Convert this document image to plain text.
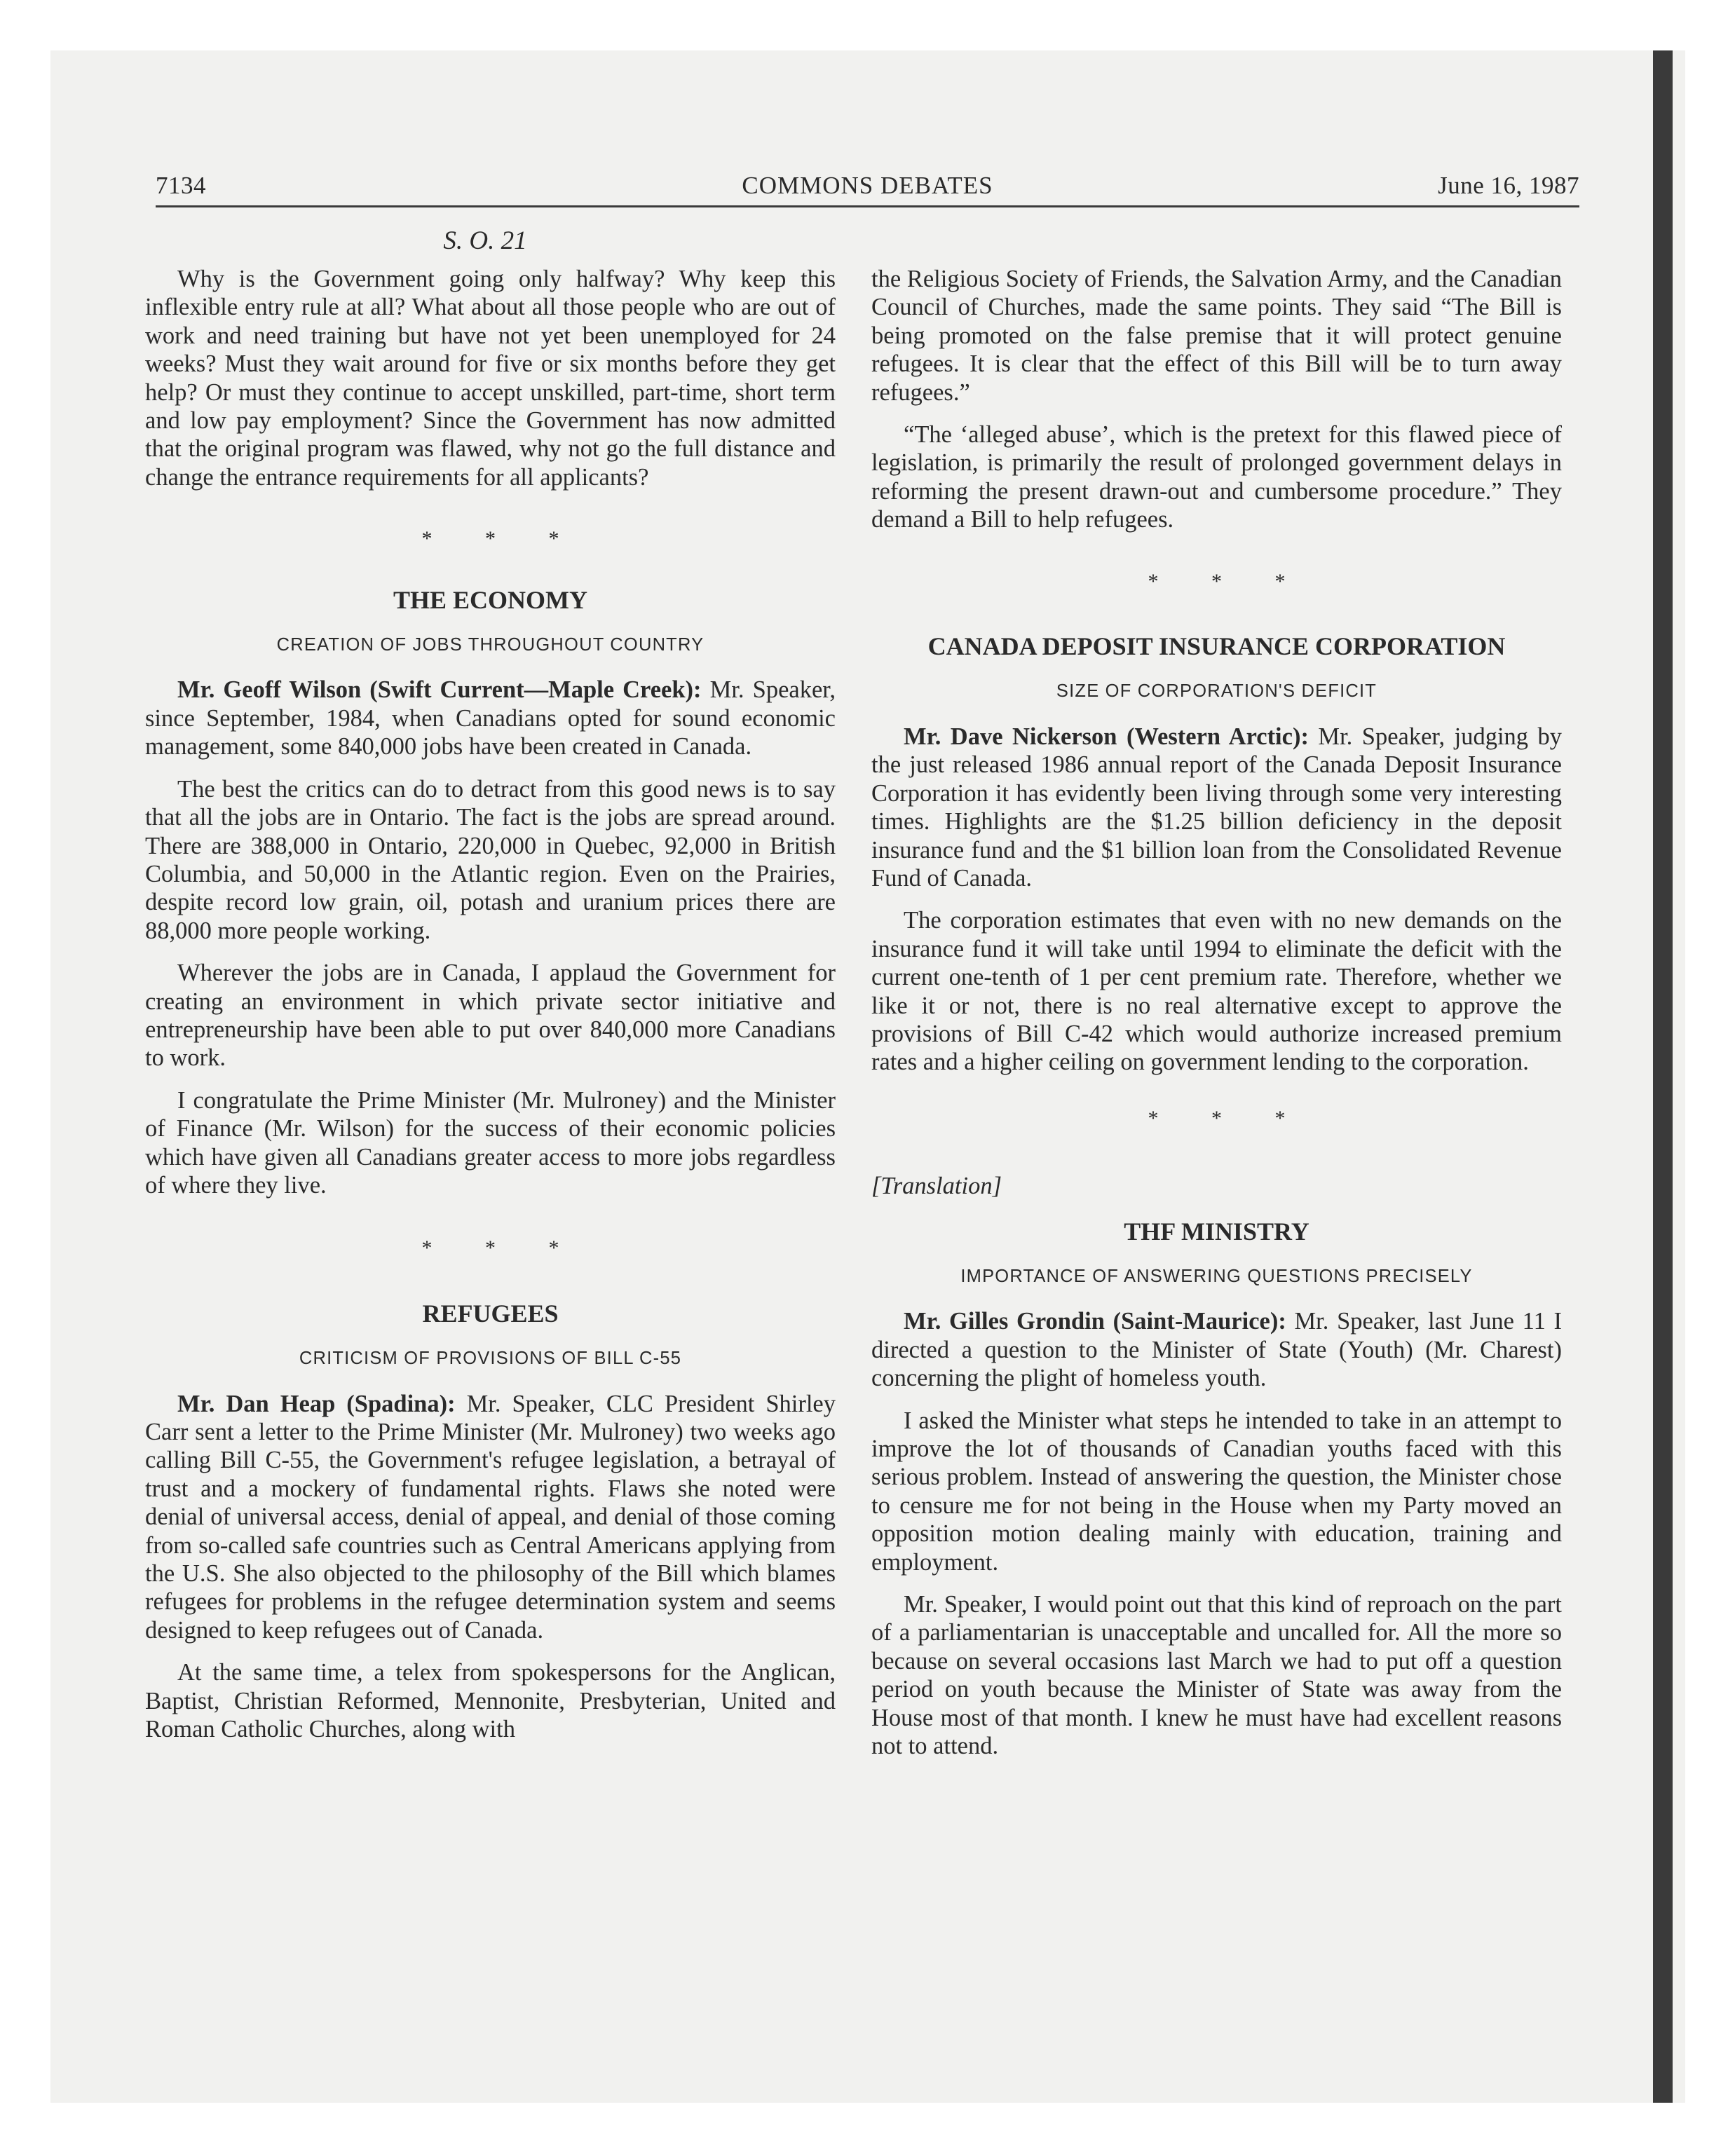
7134	COMMONS DEBATES	June 16, 1987
S. O. 21

Why is the Government going only halfway? Why keep this inflexible entry rule at all? What about all those people who are out of work and need training but have not yet been unemployed for 24 weeks? Must they wait around for five or six months before they get help? Or must they continue to accept unskilled, part-time, short term and low pay employment? Since the Government has now admitted that the original program was flawed, why not go the full distance and change the entrance requirements for all applicants?

* * *
THE ECONOMY
CREATION OF JOBS THROUGHOUT COUNTRY

Mr. Geoff Wilson (Swift Current—Maple Creek): Mr. Speaker, since September, 1984, when Canadians opted for sound economic management, some 840,000 jobs have been created in Canada.

The best the critics can do to detract from this good news is to say that all the jobs are in Ontario. The fact is the jobs are spread around. There are 388,000 in Ontario, 220,000 in Quebec, 92,000 in British Columbia, and 50,000 in the Atlantic region. Even on the Prairies, despite record low grain, oil, potash and uranium prices there are 88,000 more people working.

Wherever the jobs are in Canada, I applaud the Government for creating an environment in which private sector initiative and entrepreneurship have been able to put over 840,000 more Canadians to work.

I congratulate the Prime Minister (Mr. Mulroney) and the Minister of Finance (Mr. Wilson) for the success of their economic policies which have given all Canadians greater access to more jobs regardless of where they live.

* * *
REFUGEES
CRITICISM OF PROVISIONS OF BILL C-55

Mr. Dan Heap (Spadina): Mr. Speaker, CLC President Shirley Carr sent a letter to the Prime Minister (Mr. Mulroney) two weeks ago calling Bill C-55, the Government's refugee legislation, a betrayal of trust and a mockery of fundamental rights. Flaws she noted were denial of universal access, denial of appeal, and denial of those coming from so-called safe countries such as Central Americans applying from the U.S. She also objected to the philosophy of the Bill which blames refugees for problems in the refugee determination system and seems designed to keep refugees out of Canada.

At the same time, a telex from spokespersons for the Anglican, Baptist, Christian Reformed, Mennonite, Presbyterian, United and Roman Catholic Churches, along with

the Religious Society of Friends, the Salvation Army, and the Canadian Council of Churches, made the same points. They said “The Bill is being promoted on the false premise that it will protect genuine refugees. It is clear that the effect of this Bill will be to turn away refugees.”

“The ‘alleged abuse’, which is the pretext for this flawed piece of legislation, is primarily the result of prolonged government delays in reforming the present drawn-out and cumbersome procedure.” They demand a Bill to help refugees.

* * *
CANADA DEPOSIT INSURANCE CORPORATION
SIZE OF CORPORATION'S DEFICIT

Mr. Dave Nickerson (Western Arctic): Mr. Speaker, judging by the just released 1986 annual report of the Canada Deposit Insurance Corporation it has evidently been living through some very interesting times. Highlights are the $1.25 billion deficiency in the deposit insurance fund and the $1 billion loan from the Consolidated Revenue Fund of Canada.

The corporation estimates that even with no new demands on the insurance fund it will take until 1994 to eliminate the deficit with the current one-tenth of 1 per cent premium rate. Therefore, whether we like it or not, there is no real alternative except to approve the provisions of Bill C-42 which would authorize increased premium rates and a higher ceiling on government lending to the corporation.

* * *

[Translation]

THF MINISTRY
IMPORTANCE OF ANSWERING QUESTIONS PRECISELY

Mr. Gilles Grondin (Saint-Maurice): Mr. Speaker, last June 11 I directed a question to the Minister of State (Youth) (Mr. Charest) concerning the plight of homeless youth.

I asked the Minister what steps he intended to take in an attempt to improve the lot of thousands of Canadian youths faced with this serious problem. Instead of answering the question, the Minister chose to censure me for not being in the House when my Party moved an opposition motion dealing mainly with education, training and employment.

Mr. Speaker, I would point out that this kind of reproach on the part of a parliamentarian is unacceptable and uncalled for. All the more so because on several occasions last March we had to put off a question period on youth because the Minister of State was away from the House most of that month. I knew he must have had excellent reasons not to attend.
